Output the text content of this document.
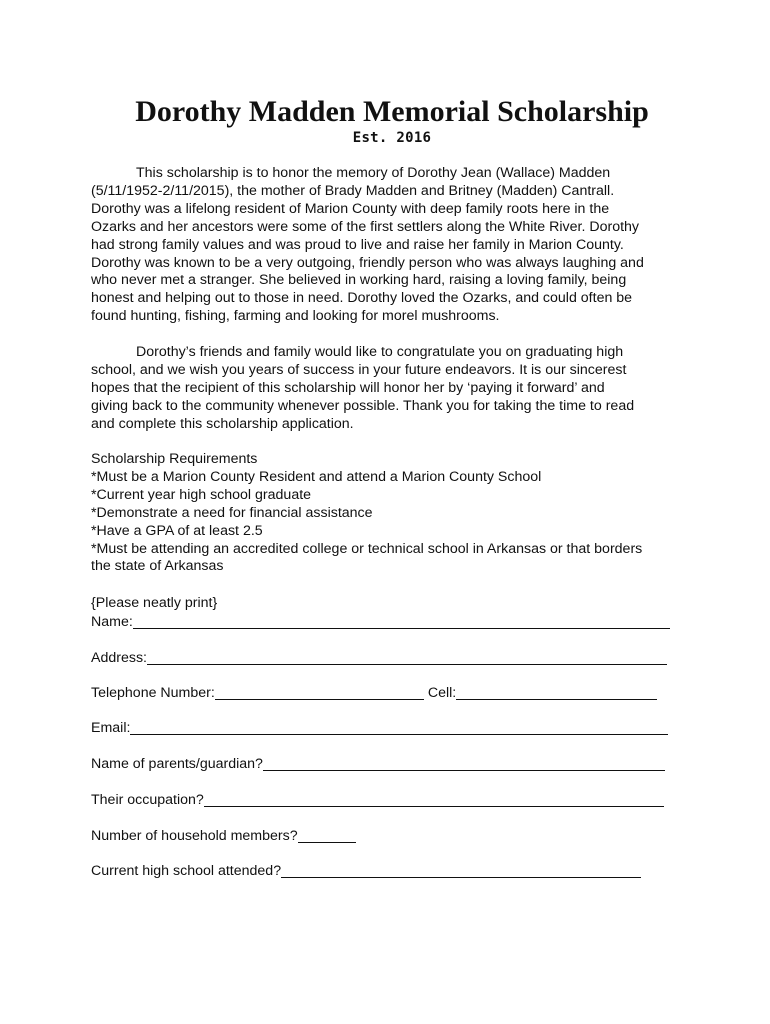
Dorothy Madden Memorial Scholarship
Est. 2016
This scholarship is to honor the memory of Dorothy Jean (Wallace) Madden
(5/11/1952-2/11/2015), the mother of Brady Madden and Britney (Madden) Cantrall.
Dorothy was a lifelong resident of Marion County with deep family roots here in the
Ozarks and her ancestors were some of the first settlers along the White River. Dorothy
had strong family values and was proud to live and raise her family in Marion County.
Dorothy was known to be a very outgoing, friendly person who was always laughing and
who never met a stranger. She believed in working hard, raising a loving family, being
honest and helping out to those in need. Dorothy loved the Ozarks, and could often be
found hunting, fishing, farming and looking for morel mushrooms.
Dorothy’s friends and family would like to congratulate you on graduating high
school, and we wish you years of success in your future endeavors. It is our sincerest
hopes that the recipient of this scholarship will honor her by ‘paying it forward’ and
giving back to the community whenever possible. Thank you for taking the time to read
and complete this scholarship application.
Scholarship Requirements
*Must be a Marion County Resident and attend a Marion County School
*Current year high school graduate
*Demonstrate a need for financial assistance
*Have a GPA of at least 2.5
*Must be attending an accredited college or technical school in Arkansas or that borders
the state of Arkansas
{Please neatly print}
Name:
Address:
Telephone Number:	Cell:
Email:
Name of parents/guardian?
Their occupation?
Number of household members?
Current high school attended?
